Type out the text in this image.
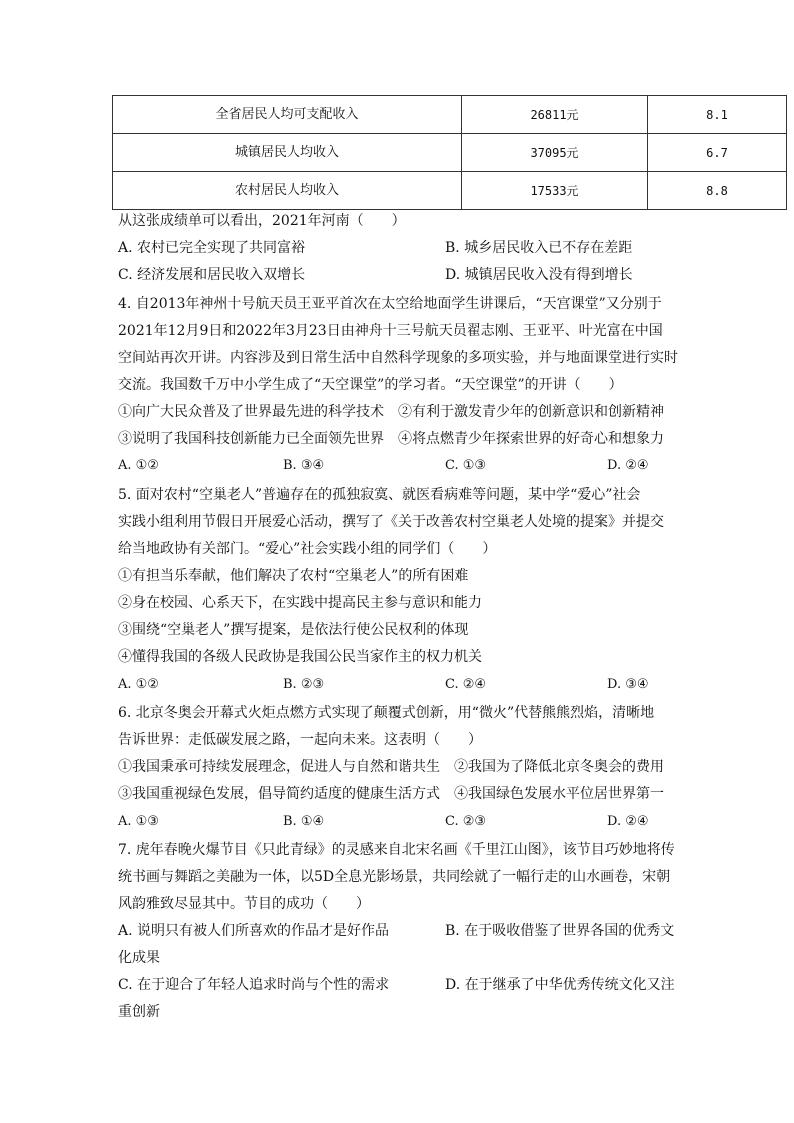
全省居民人均可支配收入	26811元	8.1
城镇居民人均收入	37095元	6.7
农村居民人均收入	17533元	8.8
从这张成绩单可以看出，2021年河南（　　）
A. 农村已完全实现了共同富裕	B. 城乡居民收入已不存在差距
C. 经济发展和居民收入双增长	D. 城镇居民收入没有得到增长
4. 自2013年神州十号航天员王亚平首次在太空给地面学生讲课后，“天宫课堂”又分别于
2021年12月9日和2022年3月23日由神舟十三号航天员翟志刚、王亚平、叶光富在中国
空间站再次开讲。内容涉及到日常生活中自然科学现象的多项实验，并与地面课堂进行实时
交流。我国数千万中小学生成了“天空课堂”的学习者。“天空课堂”的开讲（　　）
①向广大民众普及了世界最先进的科学技术　②有利于激发青少年的创新意识和创新精神
③说明了我国科技创新能力已全面领先世界　④将点燃青少年探索世界的好奇心和想象力
A. ①②	B. ③④	C. ①③	D. ②④
5. 面对农村“空巢老人”普遍存在的孤独寂寞、就医看病难等问题，某中学“爱心”社会
实践小组利用节假日开展爱心活动，撰写了《关于改善农村空巢老人处境的提案》并提交
给当地政协有关部门。“爱心”社会实践小组的同学们（　　）
①有担当乐奉献，他们解决了农村“空巢老人”的所有困难
②身在校园、心系天下，在实践中提高民主参与意识和能力
③围绕“空巢老人”撰写提案，是依法行使公民权利的体现
④懂得我国的各级人民政协是我国公民当家作主的权力机关
A. ①②	B. ②③	C. ②④	D. ③④
6. 北京冬奥会开幕式火炬点燃方式实现了颠覆式创新，用“微火”代替熊熊烈焰，清晰地
告诉世界：走低碳发展之路，一起向未来。这表明（　　）
①我国秉承可持续发展理念，促进人与自然和谐共生　②我国为了降低北京冬奥会的费用
③我国重视绿色发展，倡导简约适度的健康生活方式　④我国绿色发展水平位居世界第一
A. ①③	B. ①④	C. ②③	D. ②④
7. 虎年春晚火爆节目《只此青绿》的灵感来自北宋名画《千里江山图》，该节目巧妙地将传
统书画与舞蹈之美融为一体，以5D全息光影场景，共同绘就了一幅行走的山水画卷，宋朝
风韵雅致尽显其中。节目的成功（　　）
A. 说明只有被人们所喜欢的作品才是好作品	B. 在于吸收借鉴了世界各国的优秀文
化成果
C. 在于迎合了年轻人追求时尚与个性的需求	D. 在于继承了中华优秀传统文化又注
重创新
